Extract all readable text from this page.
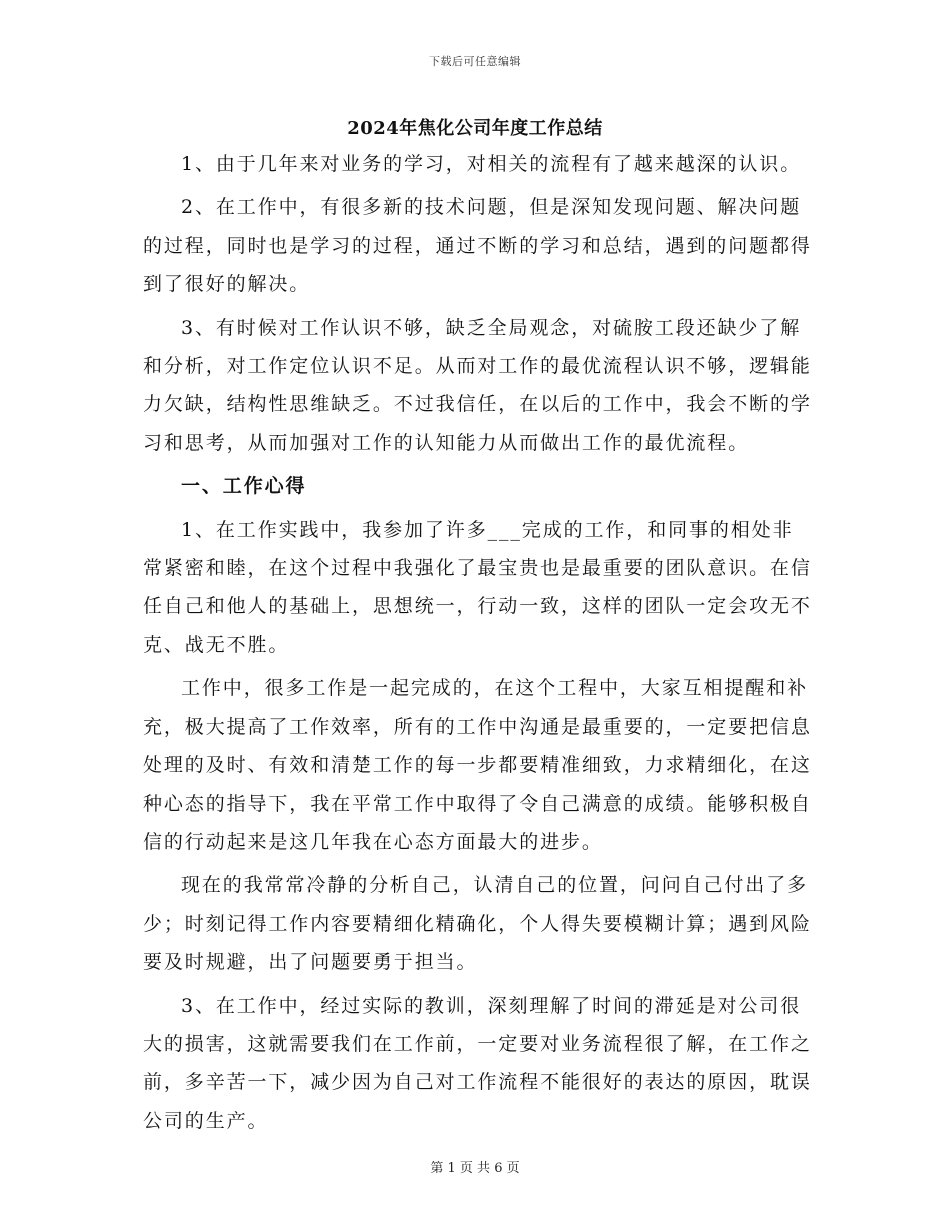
下载后可任意编辑
2024年焦化公司年度工作总结

1、由于几年来对业务的学习，对相关的流程有了越来越深的认识。

2、在工作中，有很多新的技术问题，但是深知发现问题、解决问题的过程，同时也是学习的过程，通过不断的学习和总结，遇到的问题都得到了很好的解决。

3、有时候对工作认识不够，缺乏全局观念，对硫胺工段还缺少了解和分析，对工作定位认识不足。从而对工作的最优流程认识不够，逻辑能力欠缺，结构性思维缺乏。不过我信任，在以后的工作中，我会不断的学习和思考，从而加强对工作的认知能力从而做出工作的最优流程。

一、工作心得

1、在工作实践中，我参加了许多___完成的工作，和同事的相处非常紧密和睦，在这个过程中我强化了最宝贵也是最重要的团队意识。在信任自己和他人的基础上，思想统一，行动一致，这样的团队一定会攻无不克、战无不胜。

工作中，很多工作是一起完成的，在这个工程中，大家互相提醒和补充，极大提高了工作效率，所有的工作中沟通是最重要的，一定要把信息处理的及时、有效和清楚工作的每一步都要精准细致，力求精细化，在这种心态的指导下，我在平常工作中取得了令自己满意的成绩。能够积极自信的行动起来是这几年我在心态方面最大的进步。

现在的我常常冷静的分析自己，认清自己的位置，问问自己付出了多少；时刻记得工作内容要精细化精确化，个人得失要模糊计算；遇到风险要及时规避，出了问题要勇于担当。

3、在工作中，经过实际的教训，深刻理解了时间的滞延是对公司很大的损害，这就需要我们在工作前，一定要对业务流程很了解，在工作之前，多辛苦一下，减少因为自己对工作流程不能很好的表达的原因，耽误公司的生产。

第 1 页 共 6 页
